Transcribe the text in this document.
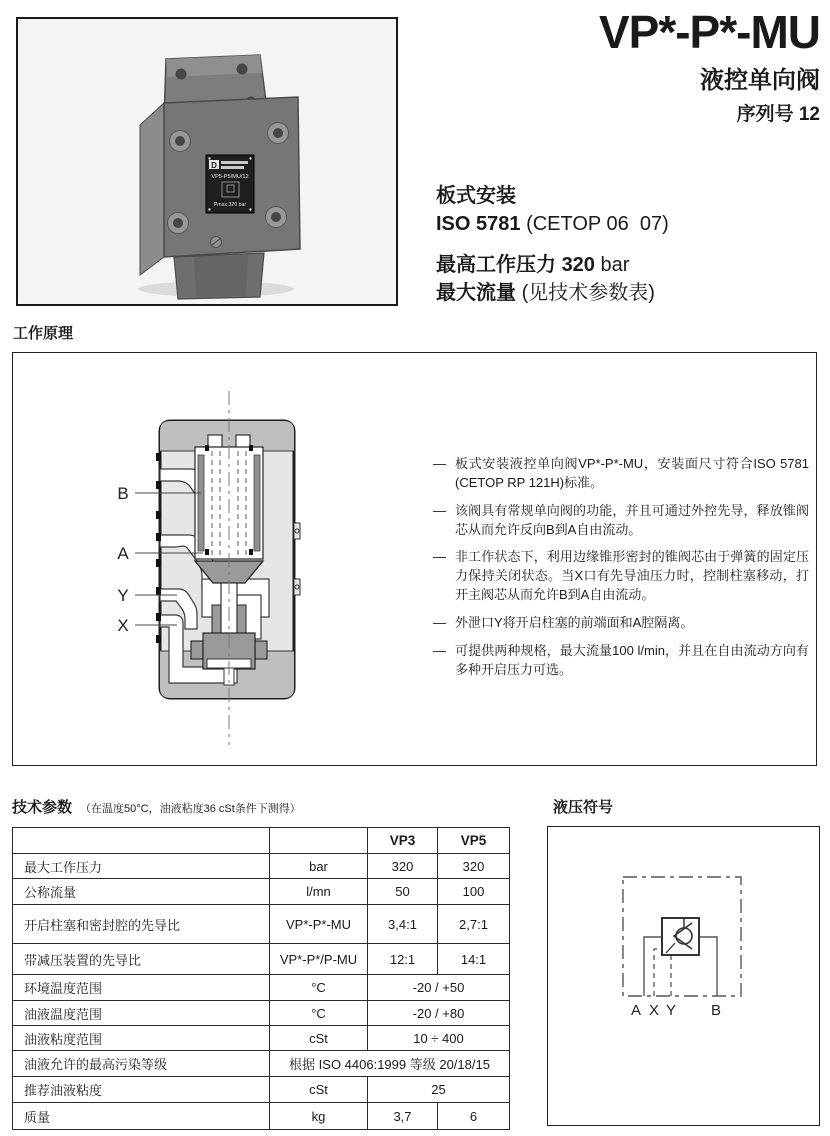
D
VP5-P5/MU/12
Pmax 320 bar
VP*-P*-MU
液控单向阀
序列号 12
板式安装
ISO 5781 (CETOP 06  07)
最高工作压力 320 bar
最大流量 (见技术参数表)
工作原理
B
A
Y
X
— 板式安装液控单向阀VP*-P*-MU，安装面尺寸符合ISO 5781 (CETOP RP 121H)标准。
— 该阀具有常规单向阀的功能，并且可通过外控先导，释放锥阀芯从而允许反向B到A自由流动。
— 非工作状态下，利用边缘锥形密封的锥阀芯由于弹簧的固定压力保持关闭状态。当X口有先导油压力时，控制柱塞移动，打开主阀芯从而允许B到A自由流动。
— 外泄口Y将开启柱塞的前端面和A腔隔离。
— 可提供两种规格，最大流量100 l/min，并且在自由流动方向有多种开启压力可选。
技术参数 （在温度50°C，油液粘度36 cSt条件下测得）
		VP3	VP5
最大工作压力	bar	320	320
公称流量	l/mn	50	100
开启柱塞和密封腔的先导比	VP*-P*-MU	3,4:1	2,7:1
带减压装置的先导比	VP*-P*/P-MU	12:1	14:1
环境温度范围	°C	-20 / +50	
油液温度范围	°C	-20 / +80	
油液粘度范围	cSt	10 ÷ 400	
油液允许的最高污染等级	根据 ISO 4406:1999 等级 20/18/15		
推荐油液粘度	cSt	25	
质量	kg	3,7	6
液压符号
A X Y B
